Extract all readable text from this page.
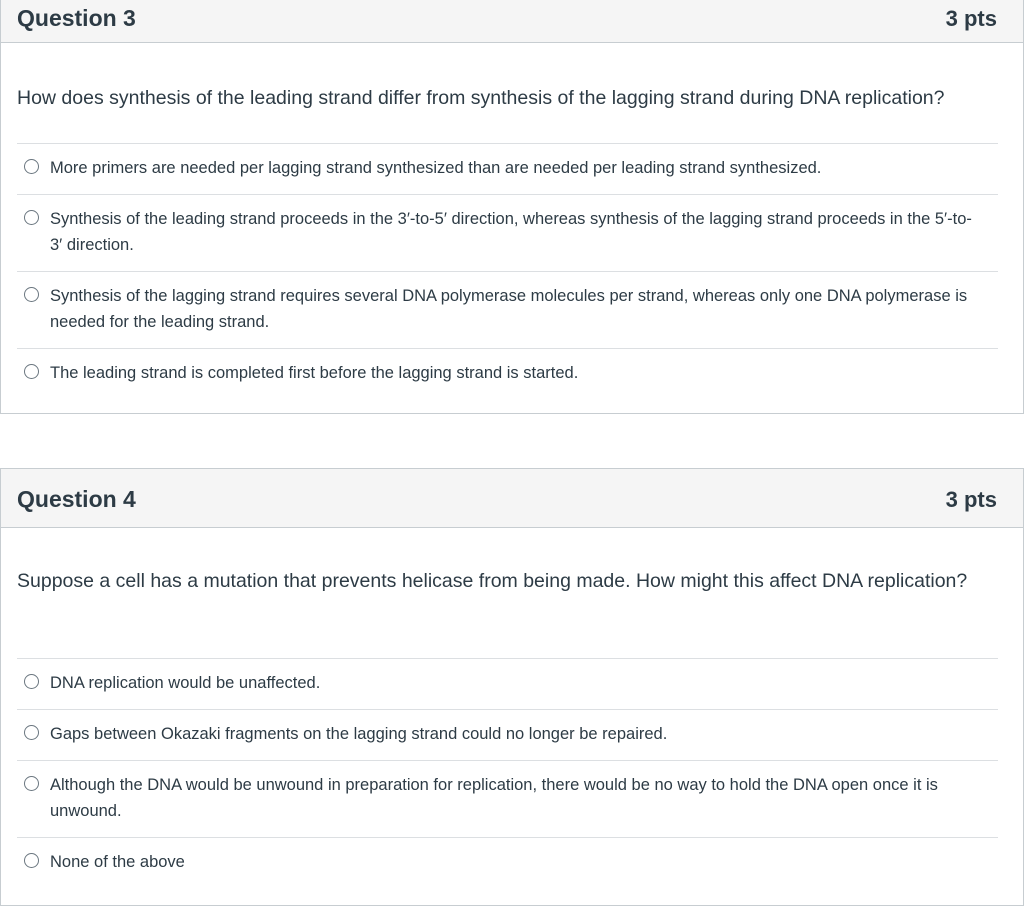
Question 3	3 pts
How does synthesis of the leading strand differ from synthesis of the lagging strand during DNA replication?
More primers are needed per lagging strand synthesized than are needed per leading strand synthesized.
Synthesis of the leading strand proceeds in the 3′-to-5′ direction, whereas synthesis of the lagging strand proceeds in the 5′-to-3′ direction.
Synthesis of the lagging strand requires several DNA polymerase molecules per strand, whereas only one DNA polymerase is needed for the leading strand.
The leading strand is completed first before the lagging strand is started.
Question 4	3 pts
Suppose a cell has a mutation that prevents helicase from being made. How might this affect DNA replication?
DNA replication would be unaffected.
Gaps between Okazaki fragments on the lagging strand could no longer be repaired.
Although the DNA would be unwound in preparation for replication, there would be no way to hold the DNA open once it is unwound.
None of the above
